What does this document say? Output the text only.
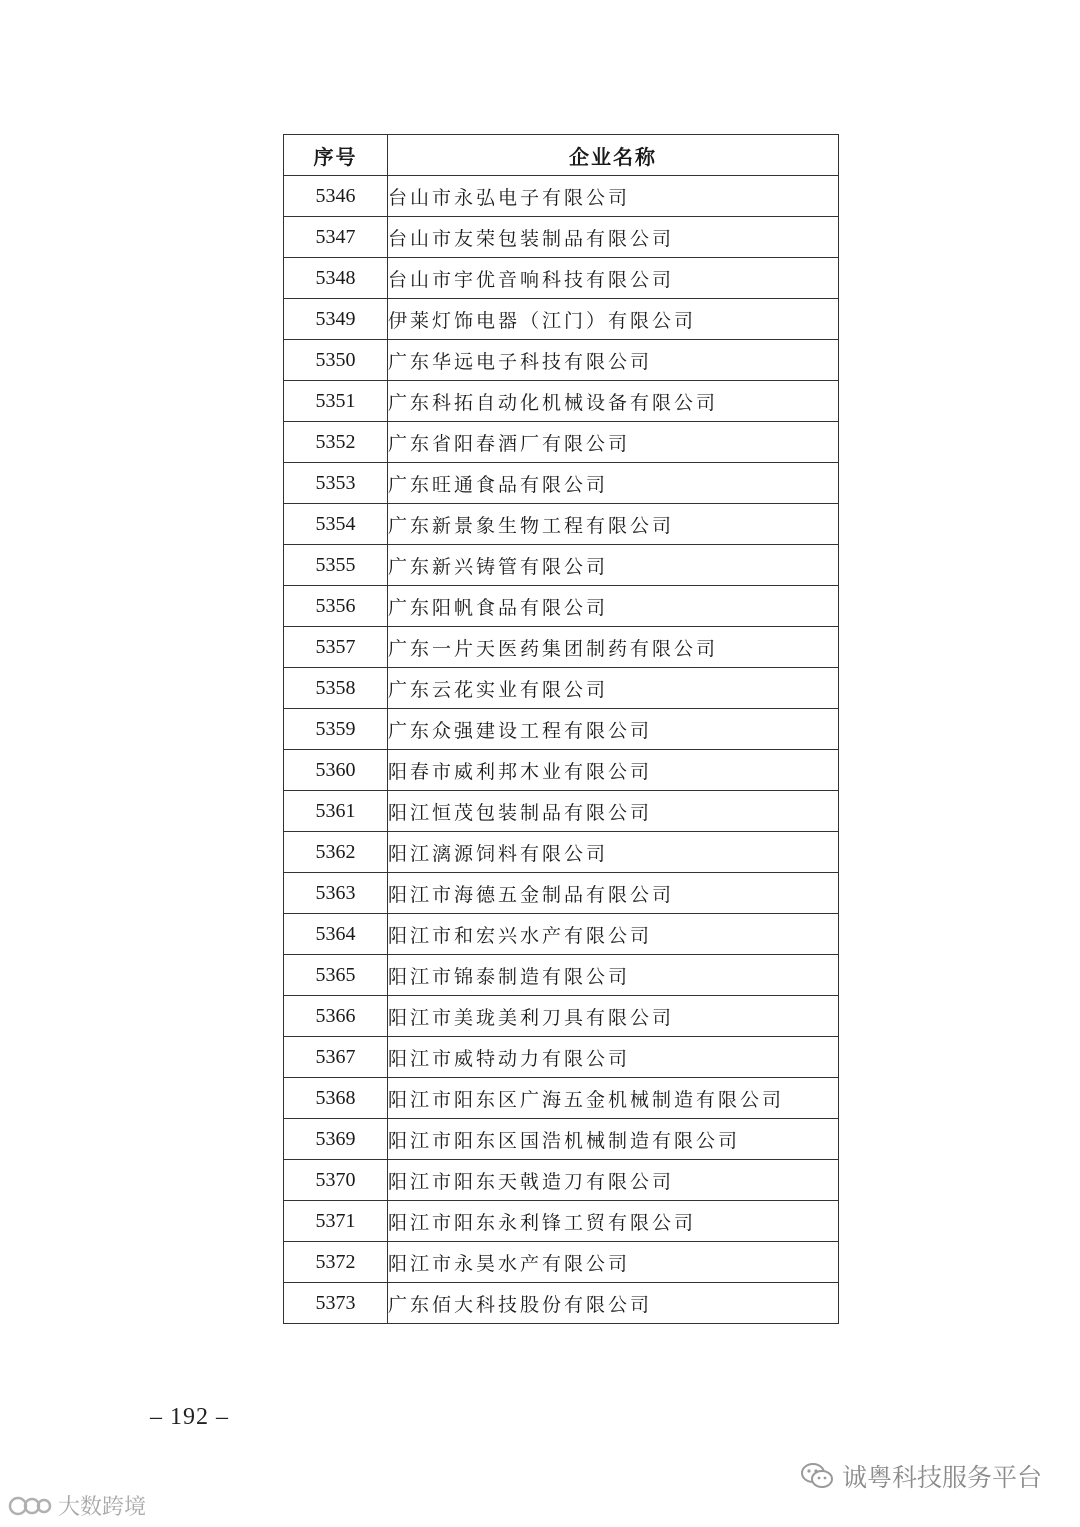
序号	企业名称
5346	台山市永弘电子有限公司
5347	台山市友荣包装制品有限公司
5348	台山市宇优音响科技有限公司
5349	伊莱灯饰电器（江门）有限公司
5350	广东华远电子科技有限公司
5351	广东科拓自动化机械设备有限公司
5352	广东省阳春酒厂有限公司
5353	广东旺通食品有限公司
5354	广东新景象生物工程有限公司
5355	广东新兴铸管有限公司
5356	广东阳帆食品有限公司
5357	广东一片天医药集团制药有限公司
5358	广东云花实业有限公司
5359	广东众强建设工程有限公司
5360	阳春市威利邦木业有限公司
5361	阳江恒茂包装制品有限公司
5362	阳江漓源饲料有限公司
5363	阳江市海德五金制品有限公司
5364	阳江市和宏兴水产有限公司
5365	阳江市锦泰制造有限公司
5366	阳江市美珑美利刀具有限公司
5367	阳江市威特动力有限公司
5368	阳江市阳东区广海五金机械制造有限公司
5369	阳江市阳东区国浩机械制造有限公司
5370	阳江市阳东天戟造刀有限公司
5371	阳江市阳东永利锋工贸有限公司
5372	阳江市永昊水产有限公司
5373	广东佰大科技股份有限公司
– 192 –
诚粤科技服务平台
大数跨境
